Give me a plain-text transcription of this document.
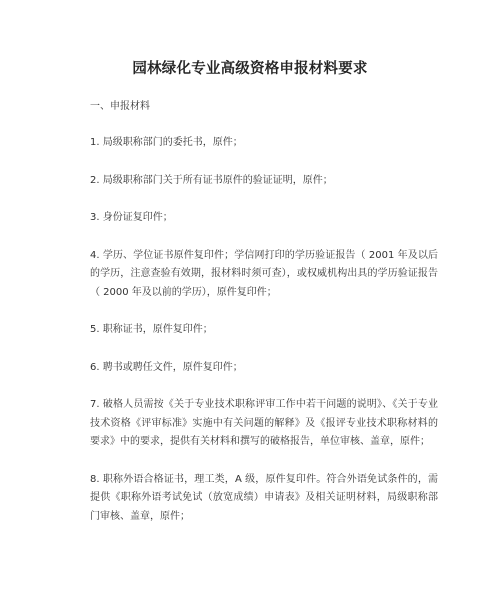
园林绿化专业高级资格申报材料要求
一、申报材料
1. 局级职称部门的委托书，原件；
2. 局级职称部门关于所有证书原件的验证证明，原件；
3. 身份证复印件；
4. 学历、学位证书原件复印件；学信网打印的学历验证报告（ 2001 年及以后的学历，注意查验有效期，报材料时须可查），或权威机构出具的学历验证报告（ 2000 年及以前的学历），原件复印件；
5. 职称证书，原件复印件；
6. 聘书或聘任文件，原件复印件；
7. 破格人员需按《关于专业技术职称评审工作中若干问题的说明》、《关于专业技术资格《评审标准》实施中有关问题的解释》及《报评专业技术职称材料的要求》中的要求，提供有关材料和撰写的破格报告，单位审核、盖章，原件；
8. 职称外语合格证书，理工类，A 级，原件复印件。符合外语免试条件的，需提供《职称外语考试免试（放宽成绩）申请表》及相关证明材料，局级职称部门审核、盖章，原件；
